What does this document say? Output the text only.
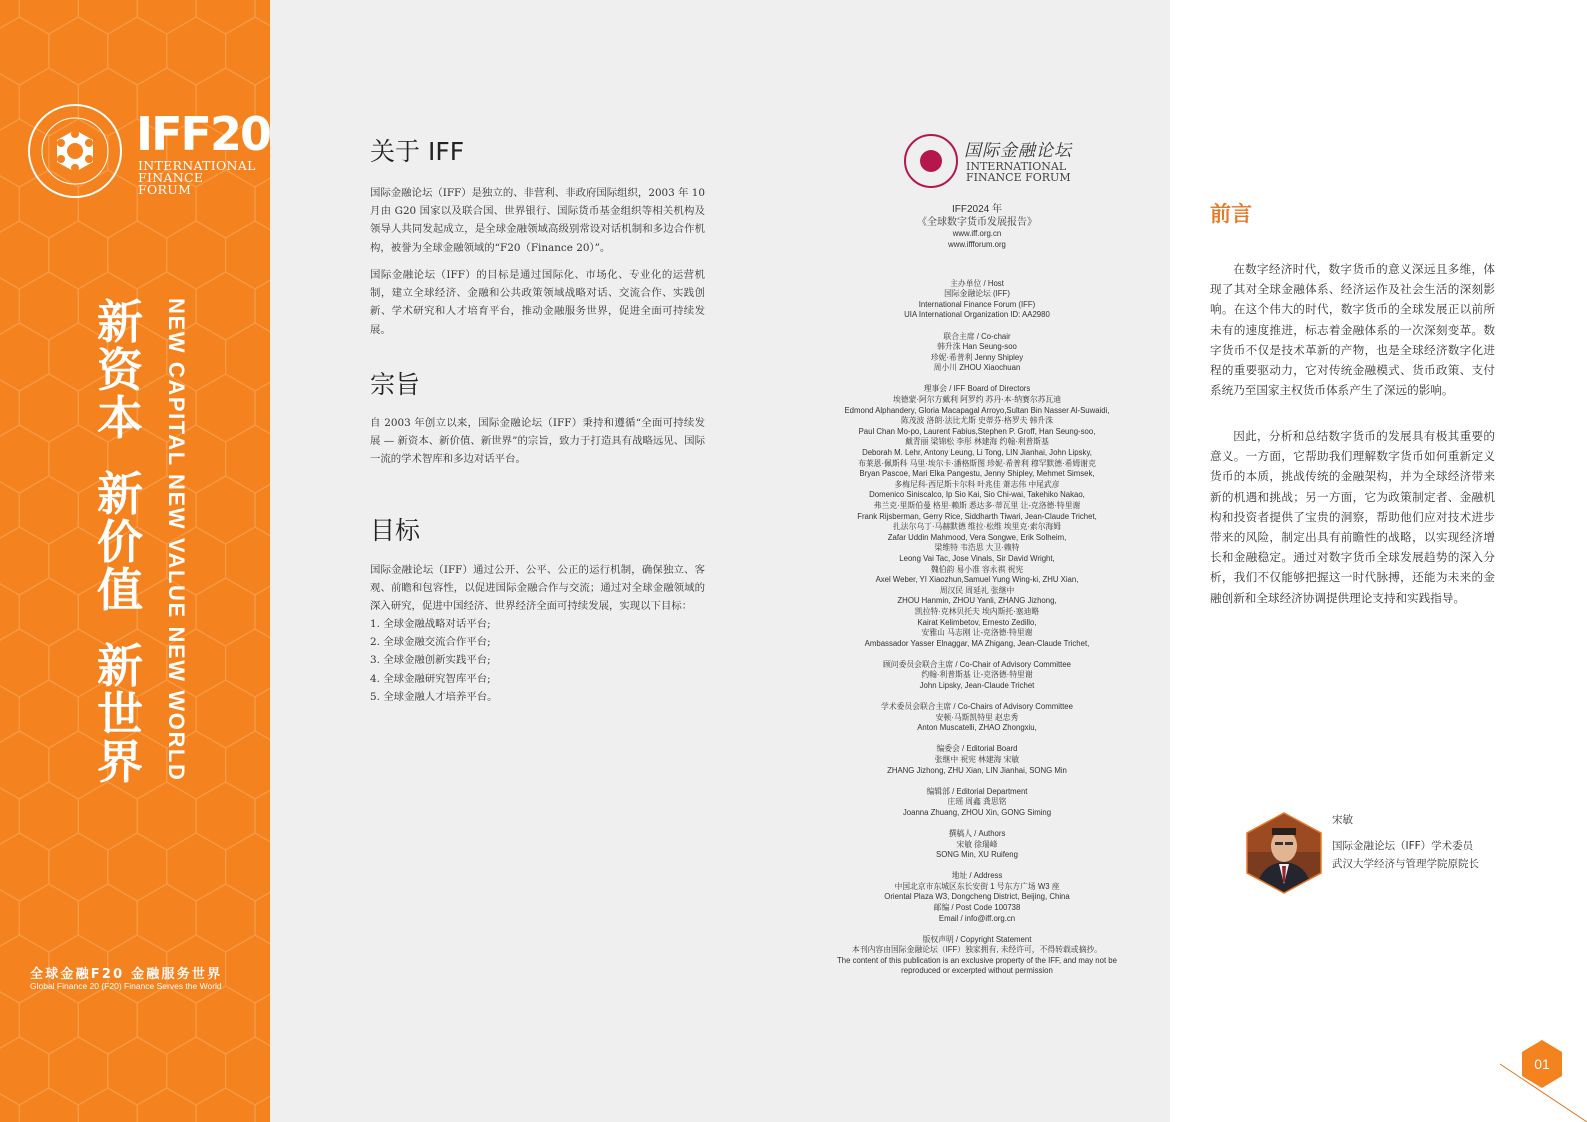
IFF20
INTERNATIONAL
FINANCE FORUM
新
资
本
新
价
值
新
世
界 NEW CAPITAL NEW VALUE NEW WORLD
全球金融F20 金融服务世界
Global Finance 20 (F20) Finance Serves the World
关于 IFF
国际金融论坛（IFF）是独立的、非营利、非政府国际组织，2003 年 10 月由 G20 国家以及联合国、世界银行、国际货币基金组织等相关机构及领导人共同发起成立，是全球金融领域高级别常设对话机制和多边合作机构，被誉为全球金融领域的“F20（Finance 20）”。
国际金融论坛（IFF）的目标是通过国际化、市场化、专业化的运营机制，建立全球经济、金融和公共政策领域战略对话、交流合作、实践创新、学术研究和人才培育平台，推动金融服务世界，促进全面可持续发展。
宗旨
自 2003 年创立以来，国际金融论坛（IFF）秉持和遵循“全面可持续发展 — 新资本、新价值、新世界”的宗旨，致力于打造具有战略远见、国际一流的学术智库和多边对话平台。
目标
国际金融论坛（IFF）通过公开、公平、公正的运行机制，确保独立、客观、前瞻和包容性，以促进国际金融合作与交流；通过对全球金融领域的深入研究，促进中国经济、世界经济全面可持续发展，实现以下目标：
1. 全球金融战略对话平台;
2. 全球金融交流合作平台;
3. 全球金融创新实践平台;
4. 全球金融研究智库平台;
5. 全球金融人才培养平台。
国际金融论坛
INTERNATIONAL
FINANCE FORUM
IFF2024 年
《全球数字货币发展报告》
www.iff.org.cn
www.iffforum.org
主办单位 / Host
国际金融论坛 (IFF)
International Finance Forum (IFF)
UIA International Organization ID: AA2980
联合主席 / Co-chair
韩升洙 Han Seung-soo
珍妮·希普利 Jenny Shipley
周小川 ZHOU Xiaochuan
理事会 / IFF Board of Directors
埃德蒙·阿尔方戴利 阿罗约 苏丹·本·纳赛尔苏瓦迪
Edmond Alphandery, Gloria Macapagal Arroyo,Sultan Bin Nasser Al-Suwaidi,
陈茂波 洛朗·法比尤斯 史蒂芬·格罗夫 韩升洙
Paul Chan Mo-po, Laurent Fabius,Stephen P. Groff, Han Seung-soo,
戴青丽 梁锦松 李彤 林建海 约翰·利普斯基
Deborah M. Lehr, Antony Leung, Li Tong, LIN Jianhai, John Lipsky,
布莱恩·佩斯科 马里·埃尔卡·潘格斯图 珍妮·希普利 穆罕默德·希姆谢克
Bryan Pascoe, Mari Elka Pangestu, Jenny Shipley, Mehmet Simsek,
多梅尼科·西尼斯卡尔科 叶兆佳 萧志伟 中尾武彦
Domenico Siniscalco, Ip Sio Kai, Sio Chi-wai, Takehiko Nakao,
弗兰克·里斯伯曼 格里·赖斯 悉达多·蒂瓦里 让-克洛德·特里谢
Frank Rijsberman, Gerry Rice, Siddharth Tiwari, Jean-Claude Trichet,
扎法尔乌丁·马赫默德 维拉·松维 埃里克·索尔海姆
Zafar Uddin Mahmood, Vera Songwe, Erik Solheim,
梁维特 韦浩思 大卫·赖特
Leong Vai Tac, Jose Vinals, Sir David Wright,
魏伯韵 易小准 容永祺 祝宪
Axel Weber, YI Xiaozhun,Samuel Yung Wing-ki, ZHU Xian,
周汉民 周延礼 张继中
ZHOU Hanmin, ZHOU Yanli, ZHANG Jizhong,
凯拉特·克林贝托夫 埃内斯托·塞迪略
Kairat Kelimbetov, Ernesto Zedillo,
安雅山 马志刚 让-克洛德·特里谢
Ambassador Yasser Elnaggar, MA Zhigang, Jean-Claude Trichet,
顾问委员会联合主席 / Co-Chair of Advisory Committee
约翰·利普斯基 让-克洛德·特里谢
John Lipsky, Jean-Claude Trichet
学术委员会联合主席 / Co-Chairs of Advisory Committee
安顿·马斯凯特里 赵忠秀
Anton Muscatelli, ZHAO Zhongxiu,
编委会 / Editorial Board
张继中 祝宪 林建海 宋敏
ZHANG Jizhong, ZHU Xian, LIN Jianhai, SONG Min
编辑部 / Editorial Department
庄瑶 周鑫 龚思铭
Joanna Zhuang, ZHOU Xin, GONG Siming
撰稿人 / Authors
宋敏 徐瑞峰
SONG Min, XU Ruifeng
地址 / Address
中国北京市东城区东长安街 1 号东方广场 W3 座
Oriental Plaza W3, Dongcheng District, Beijing, China
邮编 / Post Code 100738
Email / info@iff.org.cn
版权声明 / Copyright Statement
本刊内容由国际金融论坛（IFF）独家拥有, 未经许可，不得转载或摘抄。
The content of this publication is an exclusive property of the IFF, and may not be
reproduced or excerpted without permission
前言
在数字经济时代，数字货币的意义深远且多维，体现了其对全球金融体系、经济运作及社会生活的深刻影响。在这个伟大的时代，数字货币的全球发展正以前所未有的速度推进，标志着金融体系的一次深刻变革。数字货币不仅是技术革新的产物，也是全球经济数字化进程的重要驱动力，它对传统金融模式、货币政策、支付系统乃至国家主权货币体系产生了深远的影响。
因此，分析和总结数字货币的发展具有极其重要的意义。一方面，它帮助我们理解数字货币如何重新定义货币的本质，挑战传统的金融架构，并为全球经济带来新的机遇和挑战；另一方面，它为政策制定者、金融机构和投资者提供了宝贵的洞察，帮助他们应对技术进步带来的风险，制定出具有前瞻性的战略，以实现经济增长和金融稳定。通过对数字货币全球发展趋势的深入分析，我们不仅能够把握这一时代脉搏，还能为未来的金融创新和全球经济协调提供理论支持和实践指导。
宋敏
国际金融论坛（IFF）学术委员
武汉大学经济与管理学院原院长
01
